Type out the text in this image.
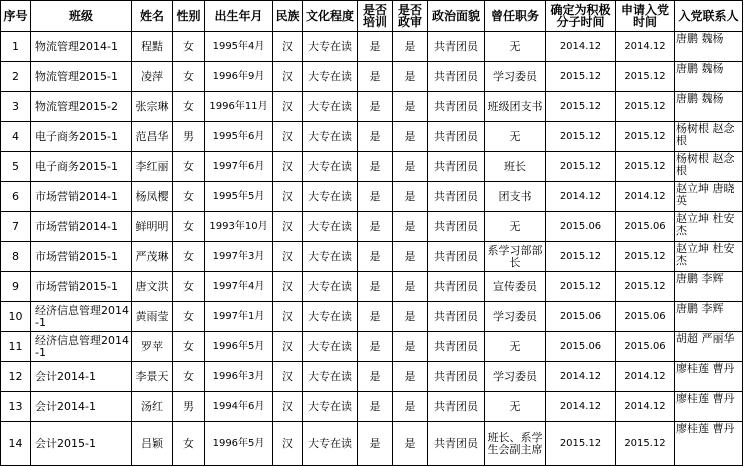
序号	班级	姓名	性别	出生年月	民族	文化程度	是否培训	是否政审	政治面貌	曾任职务	确定为积极分子时间	申请入党时间	入党联系人
1	物流管理2014-1	程黠	女	1995年4月	汉	大专在读	是	是	共青团员	无	2014.12	2014.12	唐鹏 魏杨
2	物流管理2015-1	凌萍	女	1996年9月	汉	大专在读	是	是	共青团员	学习委员	2015.12	2015.12	唐鹏 魏杨
3	物流管理2015-2	张宗琳	女	1996年11月	汉	大专在读	是	是	共青团员	班级团支书	2015.12	2015.12	唐鹏 魏杨
4	电子商务2015-1	范昌华	男	1995年6月	汉	大专在读	是	是	共青团员	无	2015.12	2015.12	杨树根 赵念根
5	电子商务2015-1	李红丽	女	1997年6月	汉	大专在读	是	是	共青团员	班长	2015.12	2015.12	杨树根 赵念根
6	市场营销2014-1	杨凤樱	女	1995年5月	汉	大专在读	是	是	共青团员	团支书	2014.12	2014.12	赵立坤 唐晓英
7	市场营销2014-1	鲜明明	女	1993年10月	汉	大专在读	是	是	共青团员	无	2015.06	2015.06	赵立坤 杜安杰
8	市场营销2015-1	严茂琳	女	1997年3月	汉	大专在读	是	是	共青团员	系学习部部长	2015.12	2015.12	赵立坤 杜安杰
9	市场营销2015-1	唐文洪	女	1997年4月	汉	大专在读	是	是	共青团员	宣传委员	2015.12	2015.12	唐鹏 李辉
10	经济信息管理2014-1	黄雨莹	女	1997年1月	汉	大专在读	是	是	共青团员	学习委员	2015.06	2015.06	唐鹏 李辉
11	经济信息管理2014-1	罗苹	女	1996年5月	汉	大专在读	是	是	共青团员	无	2015.06	2015.06	胡超 严丽华
12	会计2014-1	李景天	女	1996年3月	汉	大专在读	是	是	共青团员	学习委员	2014.12	2014.12	廖桂莲 曹丹
13	会计2014-1	汤红	男	1994年6月	汉	大专在读	是	是	共青团员	无	2014.12	2014.12	廖桂莲 曹丹
14	会计2015-1	吕颖	女	1996年5月	汉	大专在读	是	是	共青团员	班长、系学生会副主席	2015.12	2015.12	廖桂莲 曹丹
